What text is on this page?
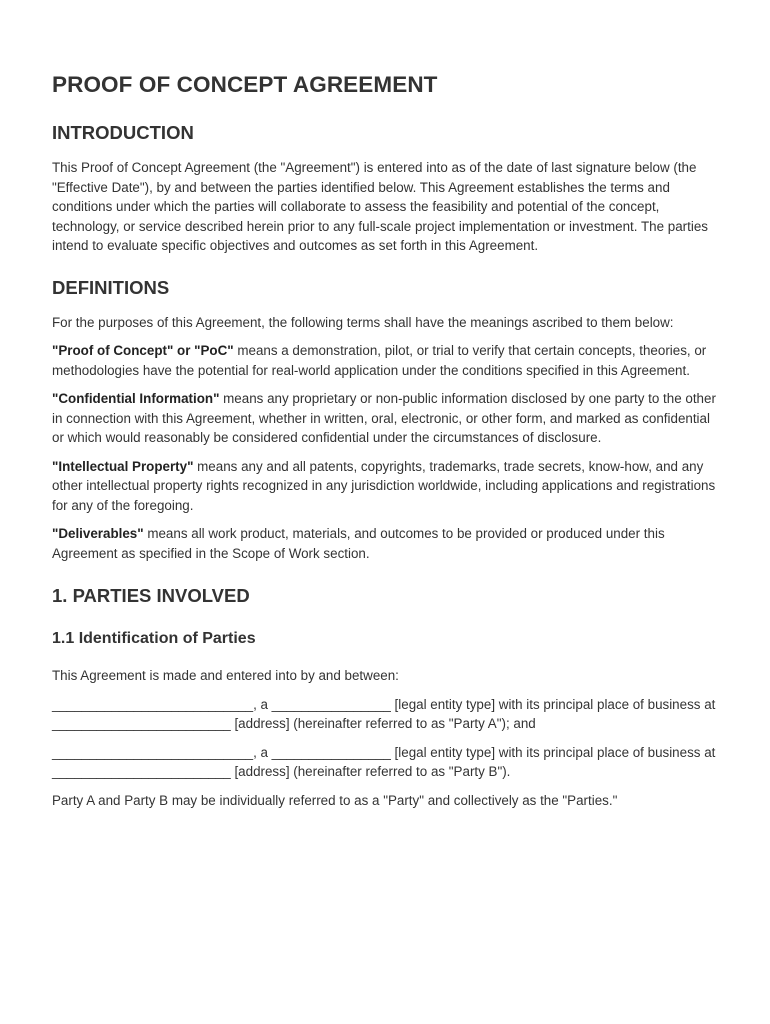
PROOF OF CONCEPT AGREEMENT
INTRODUCTION

This Proof of Concept Agreement (the "Agreement") is entered into as of the date of last signature below (the "Effective Date"), by and between the parties identified below. This Agreement establishes the terms and conditions under which the parties will collaborate to assess the feasibility and potential of the concept, technology, or service described herein prior to any full-scale project implementation or investment. The parties intend to evaluate specific objectives and outcomes as set forth in this Agreement.

DEFINITIONS

For the purposes of this Agreement, the following terms shall have the meanings ascribed to them below:

"Proof of Concept" or "PoC" means a demonstration, pilot, or trial to verify that certain concepts, theories, or methodologies have the potential for real-world application under the conditions specified in this Agreement.

"Confidential Information" means any proprietary or non-public information disclosed by one party to the other in connection with this Agreement, whether in written, oral, electronic, or other form, and marked as confidential or which would reasonably be considered confidential under the circumstances of disclosure.

"Intellectual Property" means any and all patents, copyrights, trademarks, trade secrets, know-how, and any other intellectual property rights recognized in any jurisdiction worldwide, including applications and registrations for any of the foregoing.

"Deliverables" means all work product, materials, and outcomes to be provided or produced under this Agreement as specified in the Scope of Work section.

1. PARTIES INVOLVED
1.1 Identification of Parties

This Agreement is made and entered into by and between:

___________________________, a ________________ [legal entity type] with its principal place of business at ________________________ [address] (hereinafter referred to as "Party A"); and

___________________________, a ________________ [legal entity type] with its principal place of business at ________________________ [address] (hereinafter referred to as "Party B").

Party A and Party B may be individually referred to as a "Party" and collectively as the "Parties."
